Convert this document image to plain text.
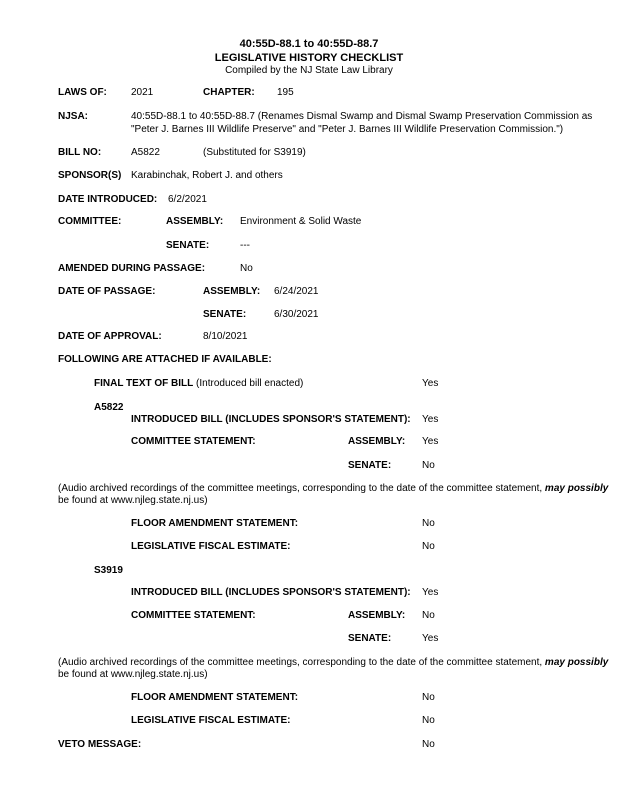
40:55D-88.1 to 40:55D-88.7
LEGISLATIVE HISTORY CHECKLIST
Compiled by the NJ State Law Library
LAWS OF: 2021	CHAPTER: 195
NJSA:	40:55D-88.1 to 40:55D-88.7 (Renames Dismal Swamp and Dismal Swamp Preservation Commission as
"Peter J. Barnes III Wildlife Preserve" and "Peter J. Barnes III Wildlife Preservation Commission.")
BILL NO:	A5822	(Substituted for S3919)
SPONSOR(S) Karabinchak, Robert J. and others
DATE INTRODUCED: 6/2/2021
COMMITTEE:	ASSEMBLY: Environment & Solid Waste
SENATE:	---
AMENDED DURING PASSAGE:	No
DATE OF PASSAGE:	ASSEMBLY: 6/24/2021
SENATE:	6/30/2021
DATE OF APPROVAL:	8/10/2021
FOLLOWING ARE ATTACHED IF AVAILABLE:
FINAL TEXT OF BILL (Introduced bill enacted)	Yes
A5822
INTRODUCED BILL (INCLUDES SPONSOR'S STATEMENT): Yes
COMMITTEE STATEMENT:	ASSEMBLY: Yes
SENATE:	No
(Audio archived recordings of the committee meetings, corresponding to the date of the committee statement, may possibly
be found at www.njleg.state.nj.us)
FLOOR AMENDMENT STATEMENT:	No
LEGISLATIVE FISCAL ESTIMATE:	No
S3919
INTRODUCED BILL (INCLUDES SPONSOR'S STATEMENT): Yes
COMMITTEE STATEMENT:	ASSEMBLY: No
SENATE:	Yes
(Audio archived recordings of the committee meetings, corresponding to the date of the committee statement, may possibly
be found at www.njleg.state.nj.us)
FLOOR AMENDMENT STATEMENT:	No
LEGISLATIVE FISCAL ESTIMATE:	No
VETO MESSAGE:	No
